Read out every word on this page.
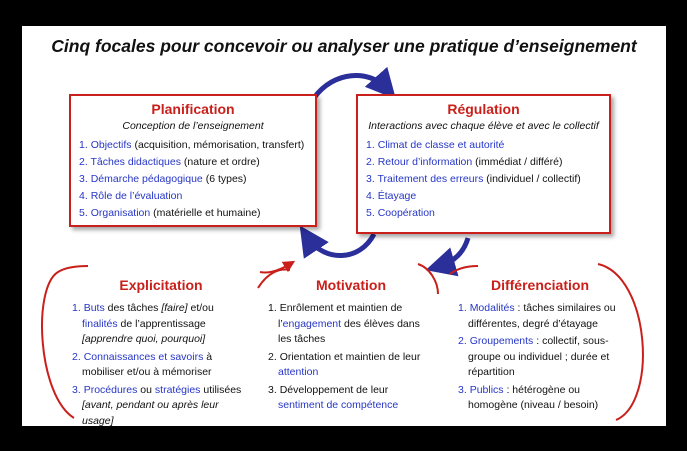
Cinq focales pour concevoir ou analyser une pratique d’enseignement
Planification
Conception de l’enseignement
1. Objectifs (acquisition, mémorisation, transfert)
2. Tâches didactiques (nature et ordre)
3. Démarche pédagogique (6 types)
4. Rôle de l’évaluation
5. Organisation (matérielle et humaine)
Régulation
Interactions avec chaque élève et avec le collectif
1. Climat de classe et autorité
2. Retour d’information (immédiat / différé)
3. Traitement des erreurs (individuel / collectif)
4. Étayage
5. Coopération
Explicitation
1. Buts des tâches [faire] et/ou finalités de l’apprentissage [apprendre quoi, pourquoi]
2. Connaissances et savoirs à mobiliser et/ou à mémoriser
3. Procédures ou stratégies utilisées [avant, pendant ou après leur usage]
Motivation
1. Enrôlement et maintien de l’engagement des élèves dans les tâches
2. Orientation et maintien de leur attention
3. Développement de leur sentiment de compétence
Différenciation
1. Modalités : tâches similaires ou différentes, degré d’étayage
2. Groupements : collectif, sous-groupe ou individuel ; durée et répartition
3. Publics : hétérogène ou homogène (niveau / besoin)
